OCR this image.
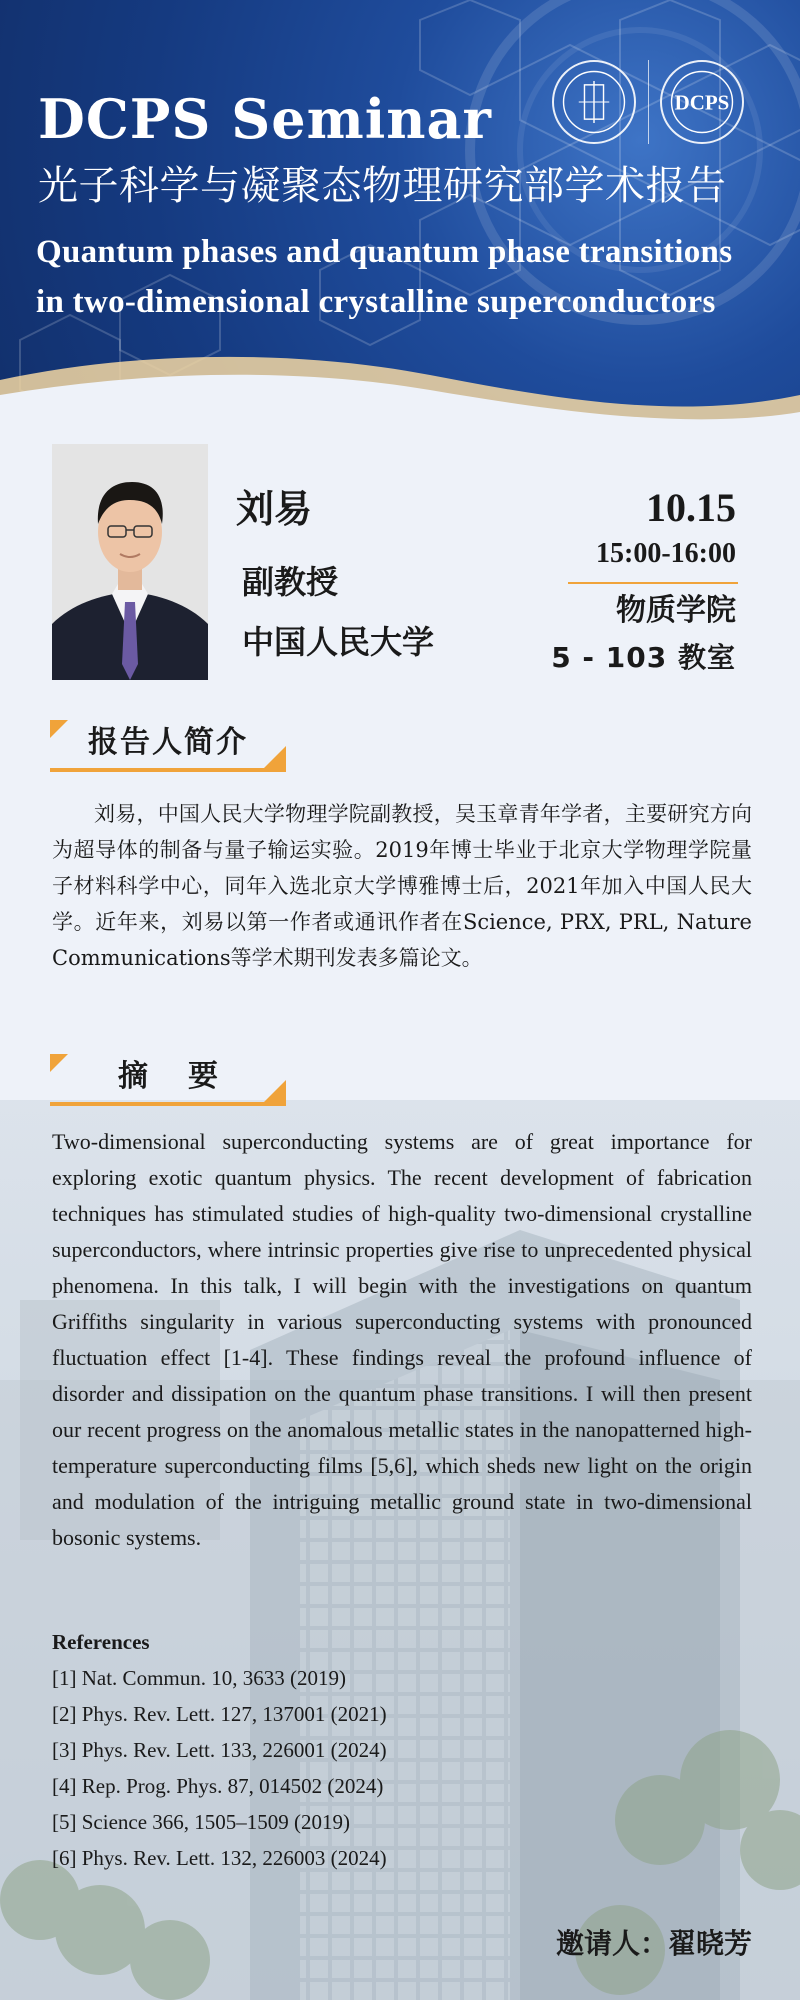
DCPS Seminar
光子科学与凝聚态物理研究部学术报告
Quantum phases and quantum phase transitions
in two-dimensional crystalline superconductors
DCPS
刘易
副教授
中国人民大学
10.15
15:00-16:00
物质学院
5 - 103 教室
报告人简介
刘易，中国人民大学物理学院副教授，吴玉章青年学者，主要研究方向为超导体的制备与量子输运实验。2019年博士毕业于北京大学物理学院量子材料科学中心，同年入选北京大学博雅博士后，2021年加入中国人民大学。近年来，刘易以第一作者或通讯作者在Science, PRX, PRL, Nature Communications等学术期刊发表多篇论文。
摘要
Two-dimensional superconducting systems are of great importance for exploring exotic quantum physics. The recent development of fabrication techniques has stimulated studies of high-quality two-dimensional crystalline superconductors, where intrinsic properties give rise to unprecedented physical phenomena. In this talk, I will begin with the investigations on quantum Griffiths singularity in various superconducting systems with pronounced fluctuation effect [1-4]. These findings reveal the profound influence of disorder and dissipation on the quantum phase transitions. I will then present our recent progress on the anomalous metallic states in the nanopatterned high-temperature superconducting films [5,6], which sheds new light on the origin and modulation of the intriguing metallic ground state in two-dimensional bosonic systems.
References
[1] Nat. Commun. 10, 3633 (2019)
[2] Phys. Rev. Lett. 127, 137001 (2021)
[3] Phys. Rev. Lett. 133, 226001 (2024)
[4] Rep. Prog. Phys. 87, 014502 (2024)
[5] Science 366, 1505–1509 (2019)
[6] Phys. Rev. Lett. 132, 226003 (2024)
邀请人：翟晓芳
